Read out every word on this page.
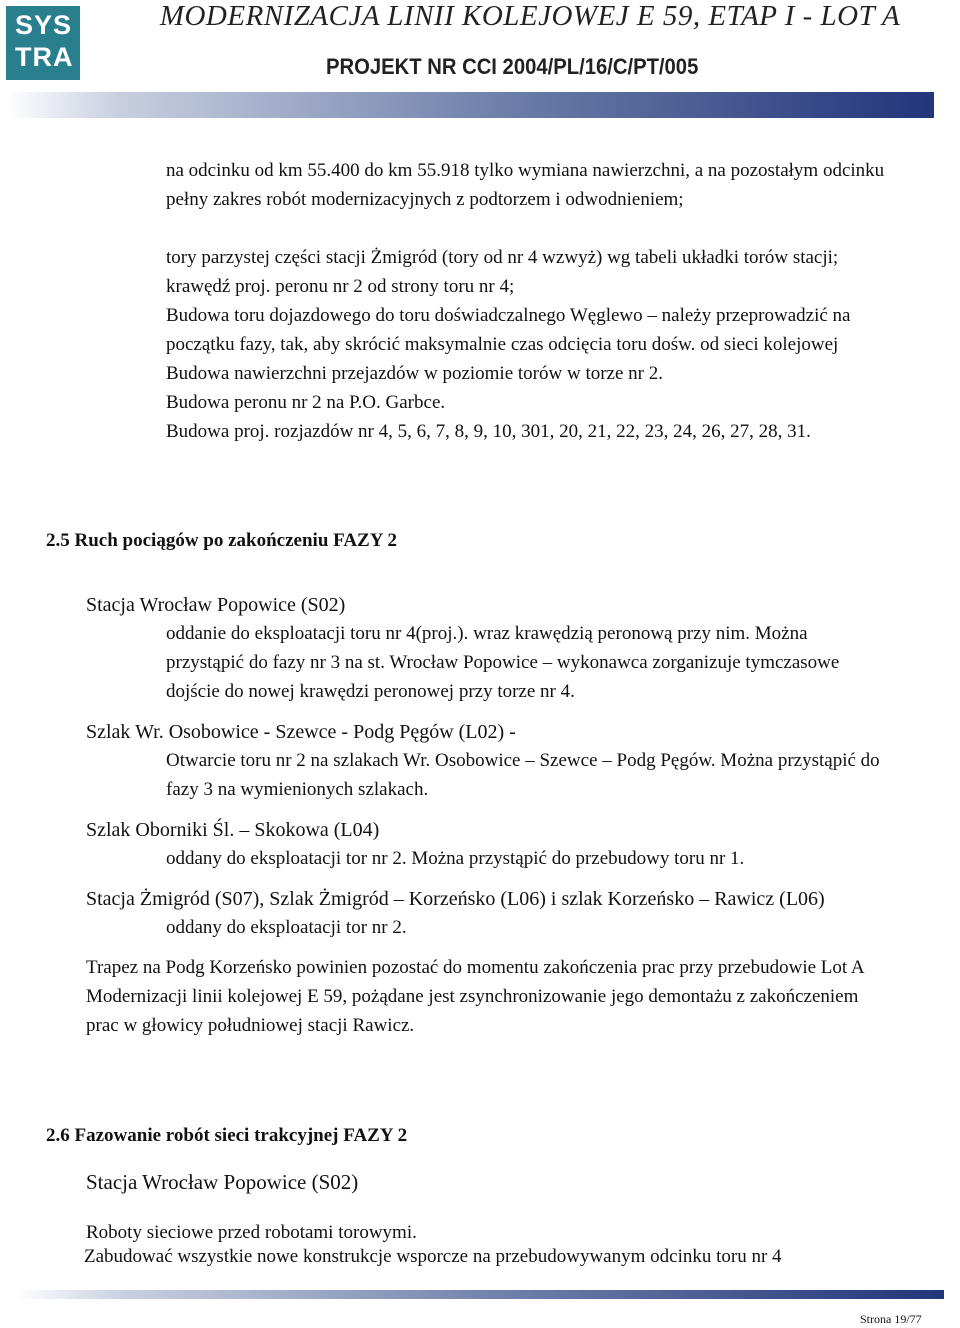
SYS
TRA
MODERNIZACJA LINII KOLEJOWEJ E 59, ETAP I - LOT A
PROJEKT NR CCI 2004/PL/16/C/PT/005
na odcinku od km 55.400 do km 55.918 tylko wymiana nawierzchni, a na pozostałym odcinku
pełny zakres robót modernizacyjnych z podtorzem i odwodnieniem;
tory parzystej części stacji Żmigród (tory od nr 4 wzwyż) wg tabeli układki torów stacji;
krawędź proj. peronu nr 2 od strony toru nr 4;
Budowa toru dojazdowego do toru doświadczalnego Węglewo – należy przeprowadzić na
początku fazy, tak, aby skrócić maksymalnie czas odcięcia toru dośw. od sieci kolejowej
Budowa nawierzchni przejazdów w poziomie torów w torze nr 2.
Budowa peronu nr 2 na P.O. Garbce.
Budowa proj. rozjazdów nr 4, 5, 6, 7, 8, 9, 10, 301, 20, 21, 22, 23, 24, 26, 27, 28, 31.
2.5 Ruch pociągów po zakończeniu FAZY 2
Stacja Wrocław Popowice (S02)
oddanie do eksploatacji toru nr 4(proj.). wraz krawędzią peronową przy nim. Można
przystąpić do fazy nr 3 na st. Wrocław Popowice – wykonawca zorganizuje tymczasowe
dojście do nowej krawędzi peronowej przy torze nr 4.
Szlak Wr. Osobowice - Szewce - Podg Pęgów (L02) -
Otwarcie toru nr 2 na szlakach Wr. Osobowice – Szewce – Podg Pęgów. Można przystąpić do
fazy 3 na wymienionych szlakach.
Szlak Oborniki Śl. – Skokowa (L04)
oddany do eksploatacji tor nr 2. Można przystąpić do przebudowy toru nr 1.
Stacja Żmigród (S07), Szlak Żmigród – Korzeńsko (L06) i szlak Korzeńsko – Rawicz (L06)
oddany do eksploatacji tor nr 2.
Trapez na Podg Korzeńsko powinien pozostać do momentu zakończenia prac przy przebudowie Lot A
Modernizacji linii kolejowej E 59, pożądane jest zsynchronizowanie jego demontażu z zakończeniem
prac w głowicy południowej stacji Rawicz.
2.6 Fazowanie robót sieci trakcyjnej FAZY 2
Stacja Wrocław Popowice (S02)
Roboty sieciowe przed robotami torowymi.
Zabudować wszystkie nowe konstrukcje wsporcze na przebudowywanym odcinku toru nr 4
Strona 19/77
